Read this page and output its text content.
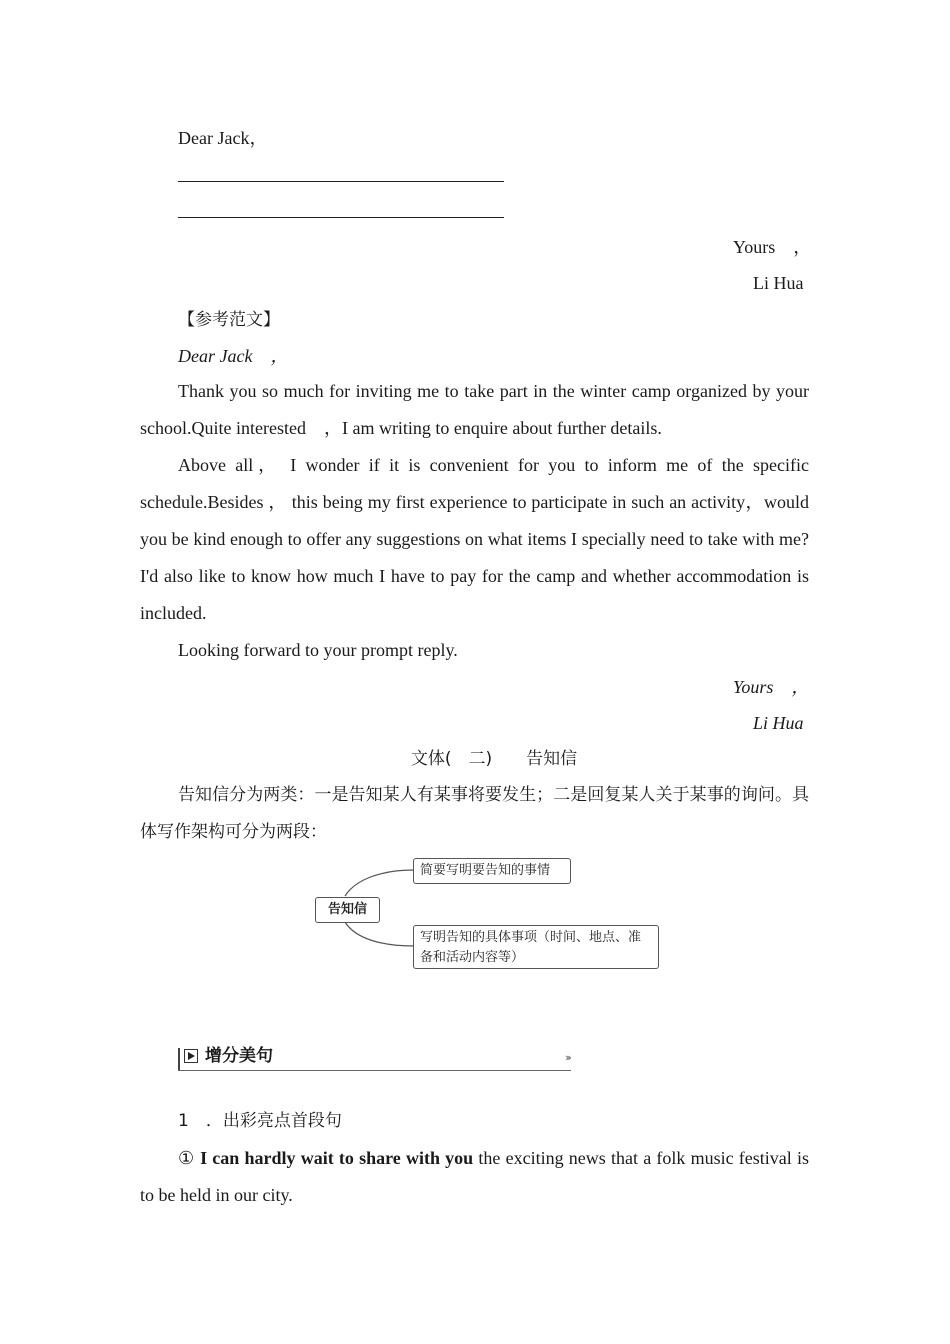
Dear Jack，
Yours　，
Li Hua
【参考范文】
Dear Jack　，
Thank you so much for inviting me to take part in the winter camp organized by your school.Quite interested　，I am writing to enquire about further details.
Above all， I wonder if it is convenient for you to inform me of the specific schedule.Besides ， this being my first experience to participate in such an activity，would you be kind enough to offer any suggestions on what items I specially need to take with me? I'd also like to know how much I have to pay for the camp and whether accommodation is included.
Looking forward to your prompt reply.
Yours　，
Li Hua
文体(　二)　　告知信
告知信分为两类：一是告知某人有某事将要发生；二是回复某人关于某事的询问。具体写作架构可分为两段：
告知信
简要写明要告知的事情
写明告知的具体事项（时间、地点、准备和活动内容等）
增分美句	›››
1　．出彩亮点首段句
① I can hardly wait to share with you the exciting news that a folk music festival is to be held in our city.
